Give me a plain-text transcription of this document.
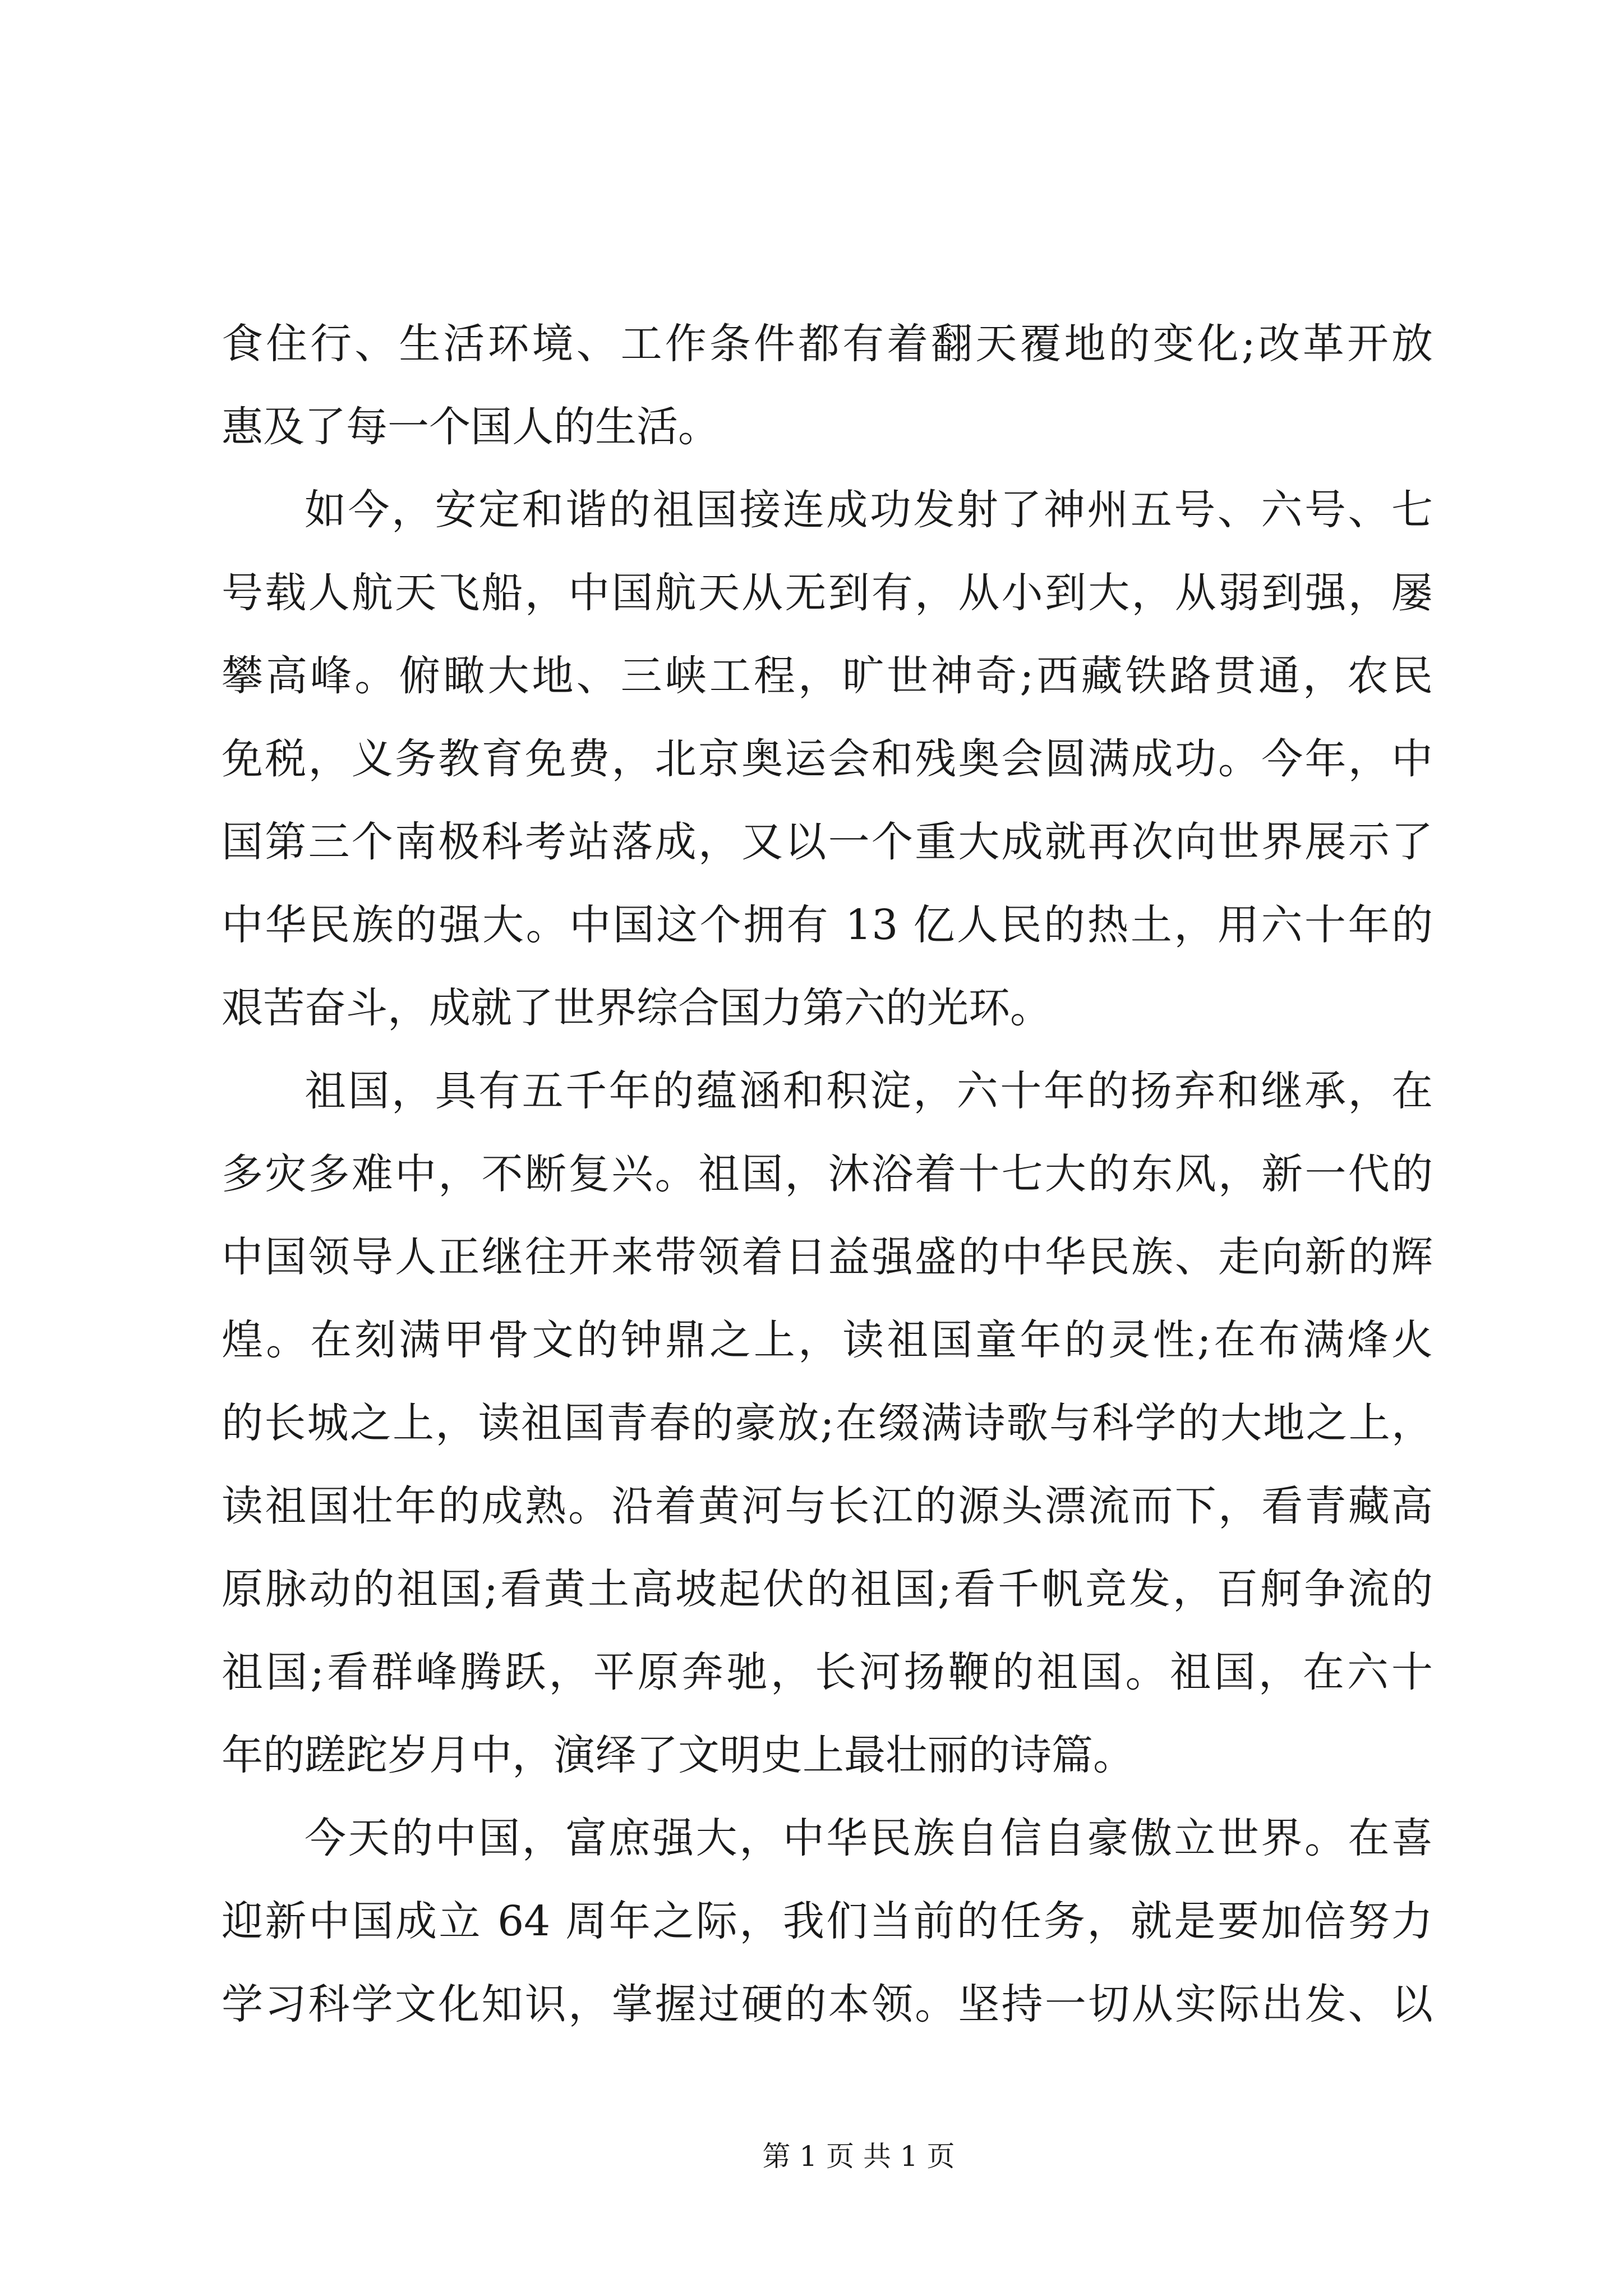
食住行、生活环境、工作条件都有着翻天覆地的变化;改革开放
惠及了每一个国人的生活。
如今，安定和谐的祖国接连成功发射了神州五号、六号、七
号载人航天飞船，中国航天从无到有，从小到大，从弱到强，屡
攀高峰。俯瞰大地、三峡工程，旷世神奇;西藏铁路贯通，农民
免税，义务教育免费，北京奥运会和残奥会圆满成功。今年，中
国第三个南极科考站落成，又以一个重大成就再次向世界展示了
中华民族的强大。中国这个拥有 13 亿人民的热土，用六十年的
艰苦奋斗，成就了世界综合国力第六的光环。
祖国，具有五千年的蕴涵和积淀，六十年的扬弃和继承，在
多灾多难中，不断复兴。祖国，沐浴着十七大的东风，新一代的
中国领导人正继往开来带领着日益强盛的中华民族、走向新的辉
煌。在刻满甲骨文的钟鼎之上，读祖国童年的灵性;在布满烽火
的长城之上，读祖国青春的豪放;在缀满诗歌与科学的大地之上，
读祖国壮年的成熟。沿着黄河与长江的源头漂流而下，看青藏高
原脉动的祖国;看黄土高坡起伏的祖国;看千帆竞发，百舸争流的
祖国;看群峰腾跃，平原奔驰，长河扬鞭的祖国。祖国，在六十
年的蹉跎岁月中，演绎了文明史上最壮丽的诗篇。
今天的中国，富庶强大，中华民族自信自豪傲立世界。在喜
迎新中国成立 64 周年之际，我们当前的任务，就是要加倍努力
学习科学文化知识，掌握过硬的本领。坚持一切从实际出发、以
第 1 页 共 1 页
